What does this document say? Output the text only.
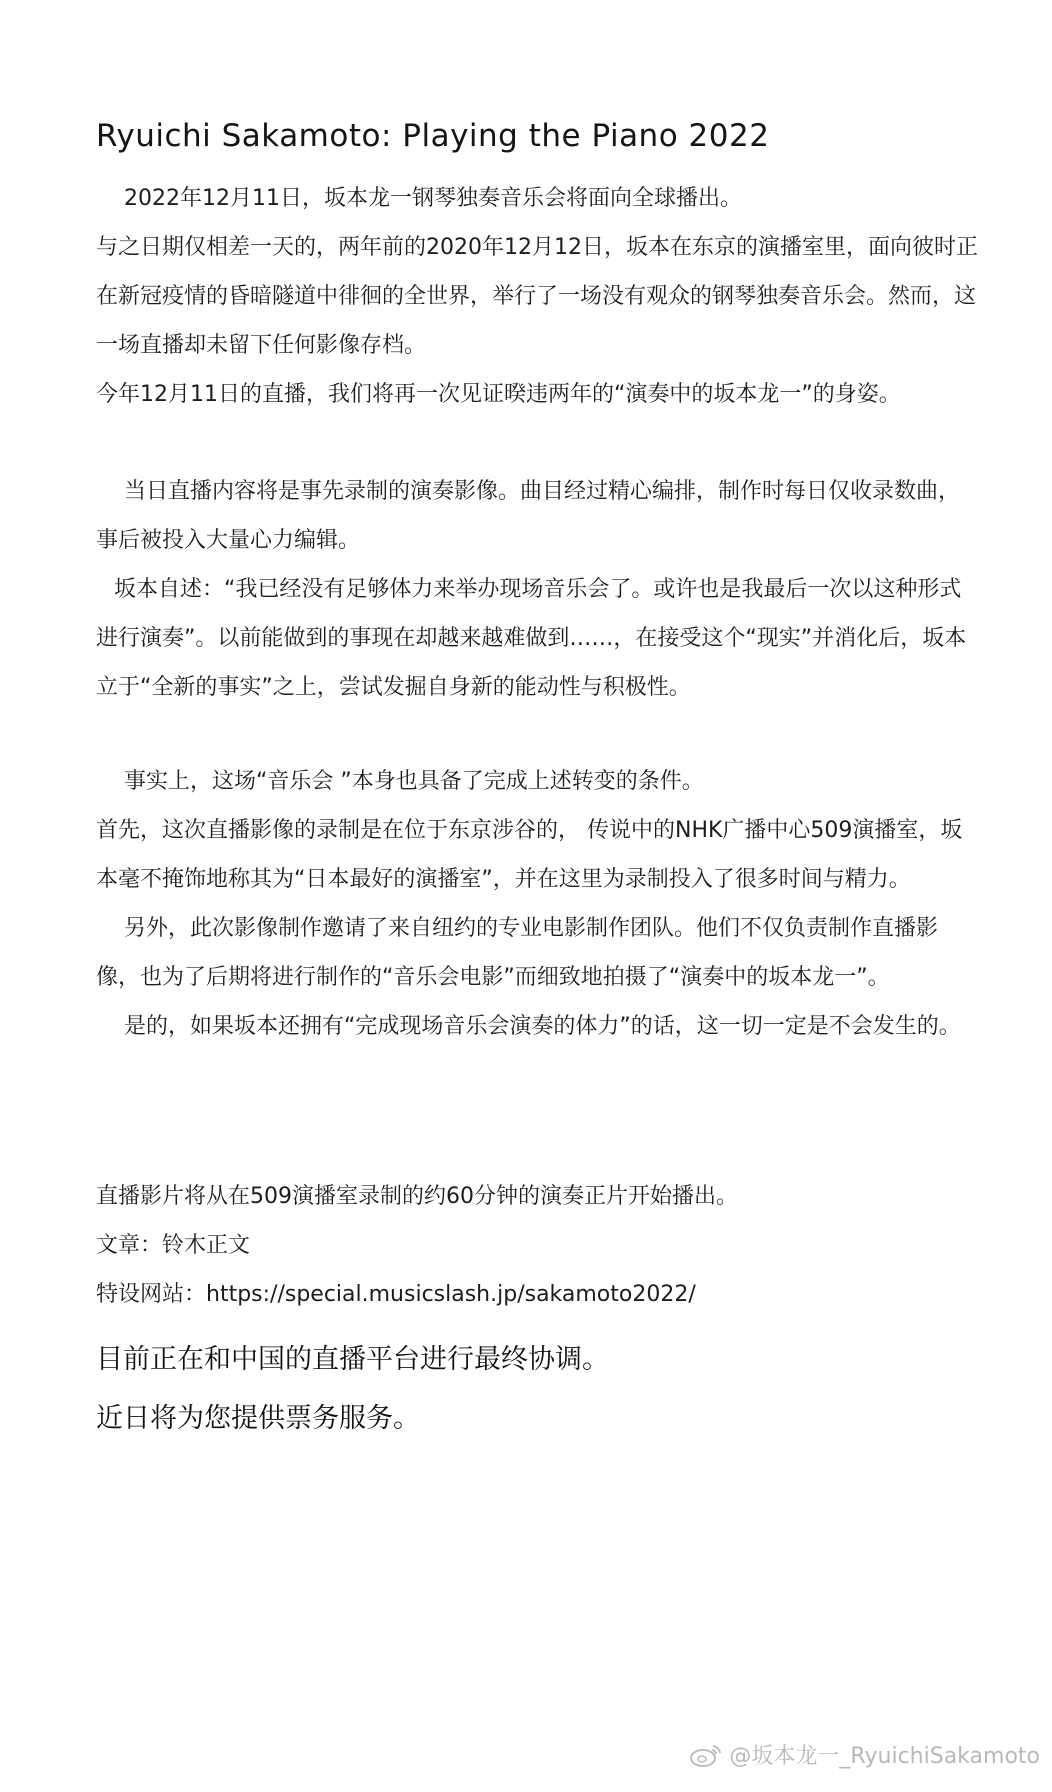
Ryuichi Sakamoto: Playing the Piano 2022
2022年12月11日，坂本龙一钢琴独奏音乐会将面向全球播出。
与之日期仅相差一天的，两年前的2020年12月12日，坂本在东京的演播室里，面向彼时正在新冠疫情的昏暗隧道中徘徊的全世界，举行了一场没有观众的钢琴独奏音乐会。然而，这一场直播却未留下任何影像存档。
今年12月11日的直播，我们将再一次见证暌违两年的“演奏中的坂本龙一”的身姿。
当日直播内容将是事先录制的演奏影像。曲目经过精心编排，制作时每日仅收录数曲，事后被投入大量心力编辑。
坂本自述：“我已经没有足够体力来举办现场音乐会了。或许也是我最后一次以这种形式进行演奏”。以前能做到的事现在却越来越难做到……，在接受这个“现实”并消化后，坂本立于“全新的事实”之上，尝试发掘自身新的能动性与积极性。
事实上，这场“音乐会 ”本身也具备了完成上述转变的条件。
首先，这次直播影像的录制是在位于东京涉谷的， 传说中的NHK广播中心509演播室，坂本毫不掩饰地称其为“日本最好的演播室”，并在这里为录制投入了很多时间与精力。
另外，此次影像制作邀请了来自纽约的专业电影制作团队。他们不仅负责制作直播影像，也为了后期将进行制作的“音乐会电影”而细致地拍摄了“演奏中的坂本龙一”。
是的，如果坂本还拥有“完成现场音乐会演奏的体力”的话，这一切一定是不会发生的。
直播影片将从在509演播室录制的约60分钟的演奏正片开始播出。
文章：铃木正文
特设网站：https://special.musicslash.jp/sakamoto2022/
目前正在和中国的直播平台进行最终协调。
近日将为您提供票务服务。
@坂本龙一_RyuichiSakamoto
